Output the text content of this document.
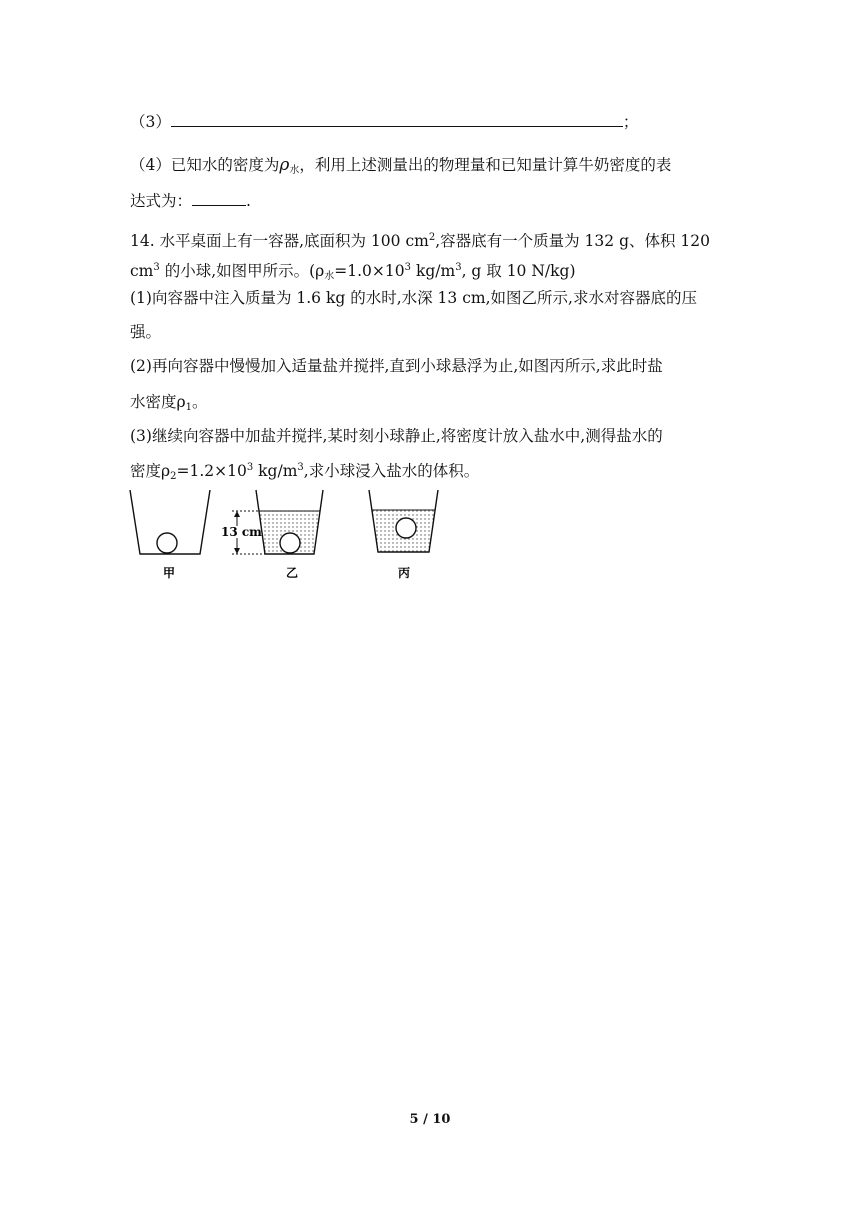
（3）	；
（4）已知水的密度为$\rho_水$，利用上述测量出的物理量和已知量计算牛奶密度的表
达式为：	.
14. 水平桌面上有一容器,底面积为 100 $cm^2$,容器底有一个质量为 132 g、体积 120
$cm^3$ 的小球,如图甲所示。($\rho_水=1.0\times 10^3$ $kg/m^3$, g 取 10 N/kg)
(1)向容器中注入质量为 1.6 kg 的水时,水深 13 cm,如图乙所示,求水对容器底的压
强。
(2)再向容器中慢慢加入适量盐并搅拌,直到小球悬浮为止,如图丙所示,求此时盐
水密度$\rho_1$。
(3)继续向容器中加盐并搅拌,某时刻小球静止,将密度计放入盐水中,测得盐水的
密度$\rho_2=1.2\times 10^3$ $kg/m^3$,求小球浸入盐水的体积。
甲
13 cm
乙	丙
5 / 10
